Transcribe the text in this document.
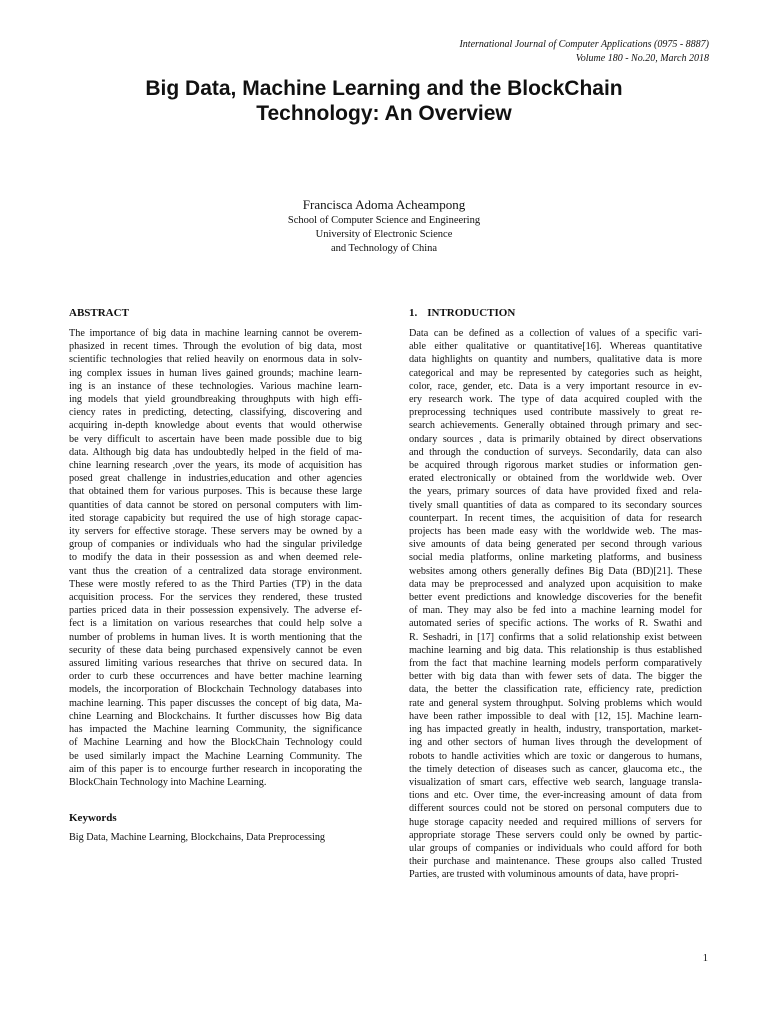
International Journal of Computer Applications (0975 - 8887)
Volume 180 - No.20, March 2018
Big Data, Machine Learning and the BlockChain
Technology: An Overview
Francisca Adoma Acheampong
School of Computer Science and Engineering
University of Electronic Science
and Technology of China
ABSTRACT
The importance of big data in machine learning cannot be overem-
phasized in recent times. Through the evolution of big data, most
scientific technologies that relied heavily on enormous data in solv-
ing complex issues in human lives gained grounds; machine learn-
ing is an instance of these technologies. Various machine learn-
ing models that yield groundbreaking throughputs with high effi-
ciency rates in predicting, detecting, classifying, discovering and
acquiring in-depth knowledge about events that would otherwise
be very difficult to ascertain have been made possible due to big
data. Although big data has undoubtedly helped in the field of ma-
chine learning research ,over the years, its mode of acquisition has
posed great challenge in industries,education and other agencies
that obtained them for various purposes. This is because these large
quantities of data cannot be stored on personal computers with lim-
ited storage capabicity but required the use of high storage capac-
ity servers for effective storage. These servers may be owned by a
group of companies or individuals who had the singular priviledge
to modify the data in their possession as and when deemed rele-
vant thus the creation of a centralized data storage environment.
These were mostly refered to as the Third Parties (TP) in the data
acquisition process. For the services they rendered, these trusted
parties priced data in their possession expensively. The adverse ef-
fect is a limitation on various researches that could help solve a
number of problems in human lives. It is worth mentioning that the
security of these data being purchased expensively cannot be even
assured limiting various researches that thrive on secured data. In
order to curb these occurrences and have better machine learning
models, the incorporation of Blockchain Technology databases into
machine learning. This paper discusses the concept of big data, Ma-
chine Learning and Blockchains. It further discusses how Big data
has impacted the Machine learning Community, the significance
of Machine Learning and how the BlockChain Technology could
be used similarly impact the Machine Learning Community. The
aim of this paper is to encourge further research in incoporating the
BlockChain Technology into Machine Learning.
Keywords
Big Data, Machine Learning, Blockchains, Data Preprocessing
1. INTRODUCTION
Data can be defined as a collection of values of a specific vari-
able either qualitative or quantitative[16]. Whereas quantitative
data highlights on quantity and numbers, qualitative data is more
categorical and may be represented by categories such as height,
color, race, gender, etc. Data is a very important resource in ev-
ery research work. The type of data acquired coupled with the
preprocessing techniques used contribute massively to great re-
search achievements. Generally obtained through primary and sec-
ondary sources , data is primarily obtained by direct observations
and through the conduction of surveys. Secondarily, data can also
be acquired through rigorous market studies or information gen-
erated electronically or obtained from the worldwide web. Over
the years, primary sources of data have provided fixed and rela-
tively small quantities of data as compared to its secondary sources
counterpart. In recent times, the acquisition of data for research
projects has been made easy with the worldwide web. The mas-
sive amounts of data being generated per second through various
social media platforms, online marketing platforms, and business
websites among others generally defines Big Data (BD)[21]. These
data may be preprocessed and analyzed upon acquisition to make
better event predictions and knowledge discoveries for the benefit
of man. They may also be fed into a machine learning model for
automated series of specific actions. The works of R. Swathi and
R. Seshadri, in [17] confirms that a solid relationship exist between
machine learning and big data. This relationship is thus established
from the fact that machine learning models perform comparatively
better with big data than with fewer sets of data. The bigger the
data, the better the classification rate, efficiency rate, prediction
rate and general system throughput. Solving problems which would
have been rather impossible to deal with [12, 15]. Machine learn-
ing has impacted greatly in health, industry, transportation, market-
ing and other sectors of human lives through the development of
robots to handle activities which are toxic or dangerous to humans,
the timely detection of diseases such as cancer, glaucoma etc., the
visualization of smart cars, effective web search, language transla-
tions and etc. Over time, the ever-increasing amount of data from
different sources could not be stored on personal computers due to
huge storage capacity needed and required millions of servers for
appropriate storage These servers could only be owned by partic-
ular groups of companies or individuals who could afford for both
their purchase and maintenance. These groups also called Trusted
Parties, are trusted with voluminous amounts of data, have propri-
1
